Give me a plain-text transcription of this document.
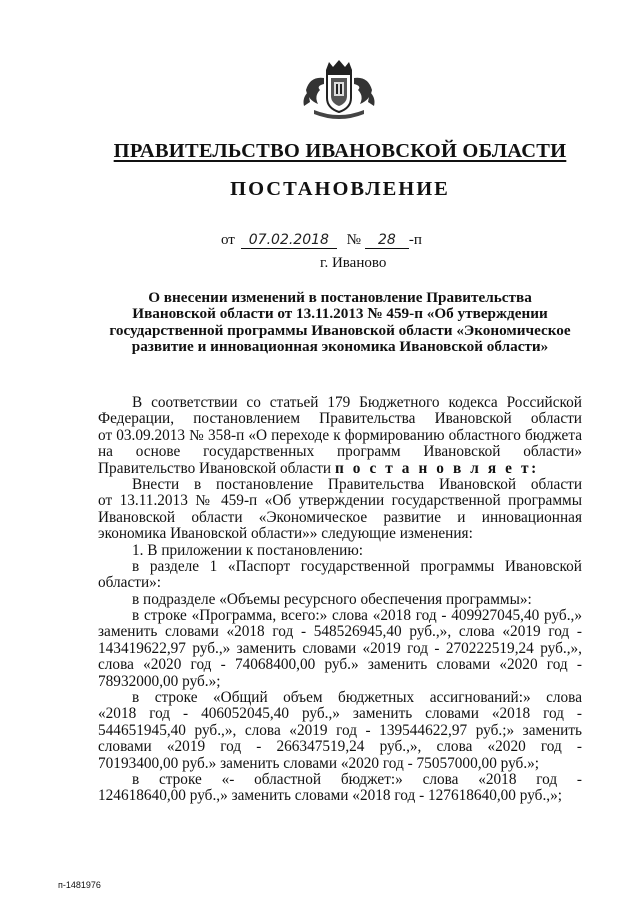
ПРАВИТЕЛЬСТВО ИВАНОВСКОЙ ОБЛАСТИ
ПОСТАНОВЛЕНИЕ
от 07.02.2018 № 28 -п
г. Иваново
О внесении изменений в постановление Правительства
Ивановской области от 13.11.2013 № 459-п «Об утверждении
государственной программы Ивановской области «Экономическое
развитие и инновационная экономика Ивановской области»
В соответствии со статьей 179 Бюджетного кодекса Российской
Федерации, постановлением Правительства Ивановской области
от 03.09.2013 № 358-п «О переходе к формированию областного бюджета
на основе государственных программ Ивановской области»
Правительство Ивановской области п о с т а н о в л я е т:
Внести в постановление Правительства Ивановской области
от 13.11.2013 № 459-п «Об утверждении государственной программы
Ивановской области «Экономическое развитие и инновационная
экономика Ивановской области»» следующие изменения:
1. В приложении к постановлению:
в разделе 1 «Паспорт государственной программы Ивановской
области»:
в подразделе «Объемы ресурсного обеспечения программы»:
в строке «Программа, всего:» слова «2018 год - 409927045,40 руб.,»
заменить словами «2018 год - 548526945,40 руб.,», слова «2019 год -
143419622,97 руб.,» заменить словами «2019 год - 270222519,24 руб.,»,
слова «2020 год - 74068400,00 руб.» заменить словами «2020 год -
78932000,00 руб.»;
в строке «Общий объем бюджетных ассигнований:» слова
«2018 год - 406052045,40 руб.,» заменить словами «2018 год -
544651945,40 руб.,», слова «2019 год - 139544622,97 руб.;» заменить
словами «2019 год - 266347519,24 руб.,», слова «2020 год -
70193400,00 руб.» заменить словами «2020 год - 75057000,00 руб.»;
в строке «- областной бюджет:» слова «2018 год -
124618640,00 руб.,» заменить словами «2018 год - 127618640,00 руб.,»;
п-1481976
